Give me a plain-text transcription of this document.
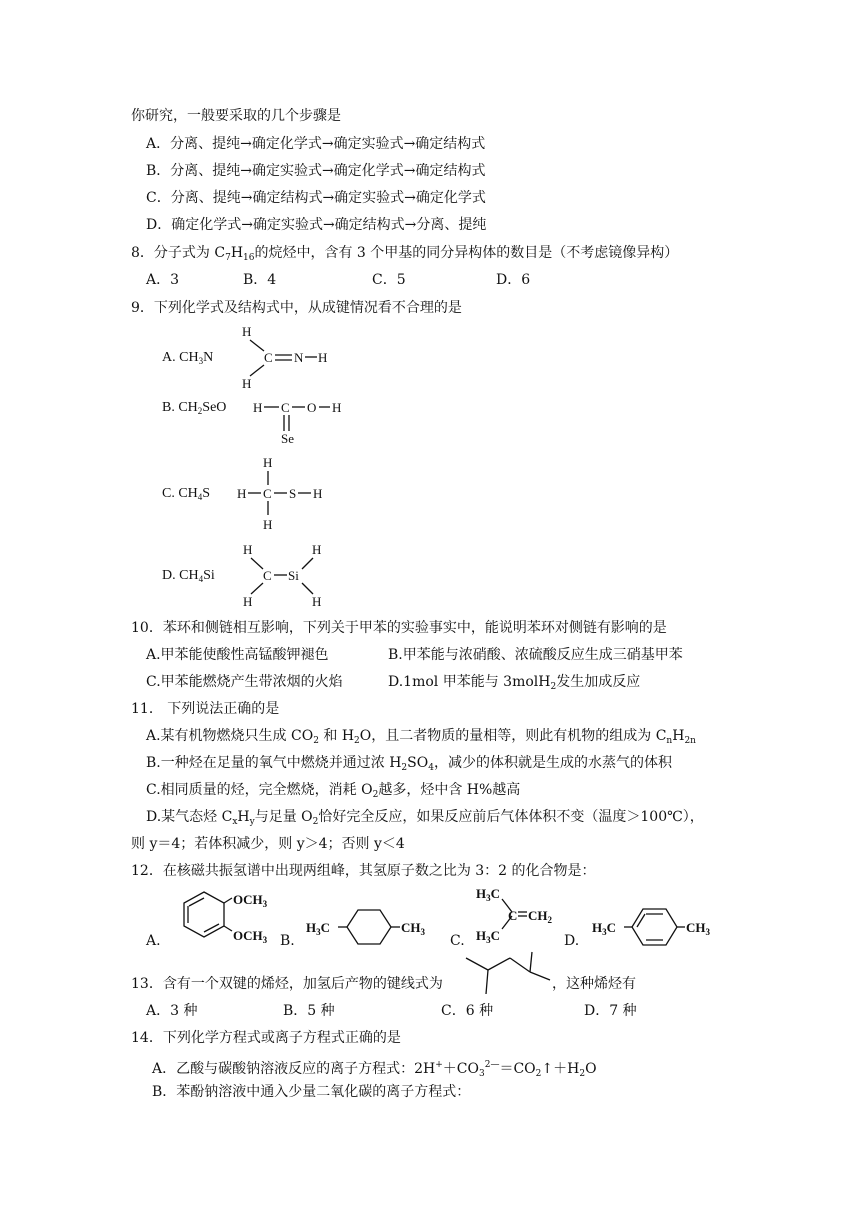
你研究，一般要采取的几个步骤是
A．分离、提纯→确定化学式→确定实验式→确定结构式
B．分离、提纯→确定实验式→确定化学式→确定结构式
C．分离、提纯→确定结构式→确定实验式→确定化学式
D．确定化学式→确定实验式→确定结构式→分离、提纯
8．分子式为 $C_7H_{16}$的烷烃中，含有 3 个甲基的同分异构体的数目是（不考虑镜像异构）
A．3	B．4	C．5	D．6
9．下列化学式及结构式中，从成键情况看不合理的是
A. $CH_3N$
H
C N H
H
B. $CH_2SeO$ H C O H
Se
C. $CH_4S$
H
H C S H
H
D. $CH_4Si$
H	H
C Si
H	H
10．苯环和侧链相互影响，下列关于甲苯的实验事实中，能说明苯环对侧链有影响的是
A.甲苯能使酸性高锰酸钾褪色	B.甲苯能与浓硝酸、浓硫酸反应生成三硝基甲苯
C.甲苯能燃烧产生带浓烟的火焰	D.1mol 甲苯能与 3molH$_2$发生加成反应
11． 下列说法正确的是
A.某有机物燃烧只生成 $CO_2$ 和 $H_2O$，且二者物质的量相等，则此有机物的组成为 $C_nH_{2n}$
B.一种烃在足量的氧气中燃烧并通过浓 $H_2SO_4$，减少的体积就是生成的水蒸气的体积
C.相同质量的烃，完全燃烧，消耗 $O_2$越多，烃中含 H%越高
D.某气态烃 $C_xH_y$与足量 $O_2$恰好完全反应，如果反应前后气体体积不变（温度＞100℃），
则 y＝4；若体积减少，则 y＞4；否则 y＜4
12．在核磁共振氢谱中出现两组峰，其氢原子数之比为 3：2 的化合物是：
A.
$OCH_3$
$OCH_3$ B.
$H_3C$	$CH_3$
C.
$H_3C$
$H_3C$
C $CH_2$
D.
$H_3C$	$CH_3$
13．含有一个双键的烯烃，加氢后产物的键线式为	，这种烯烃有
A．3 种	B．5 种	C．6 种	D．7 种
14．下列化学方程式或离子方程式正确的是
A．乙酸与碳酸钠溶液反应的离子方程式：$2H^++CO_3^{2—}=CO_2↑+H_2O$
B．苯酚钠溶液中通入少量二氧化碳的离子方程式：
